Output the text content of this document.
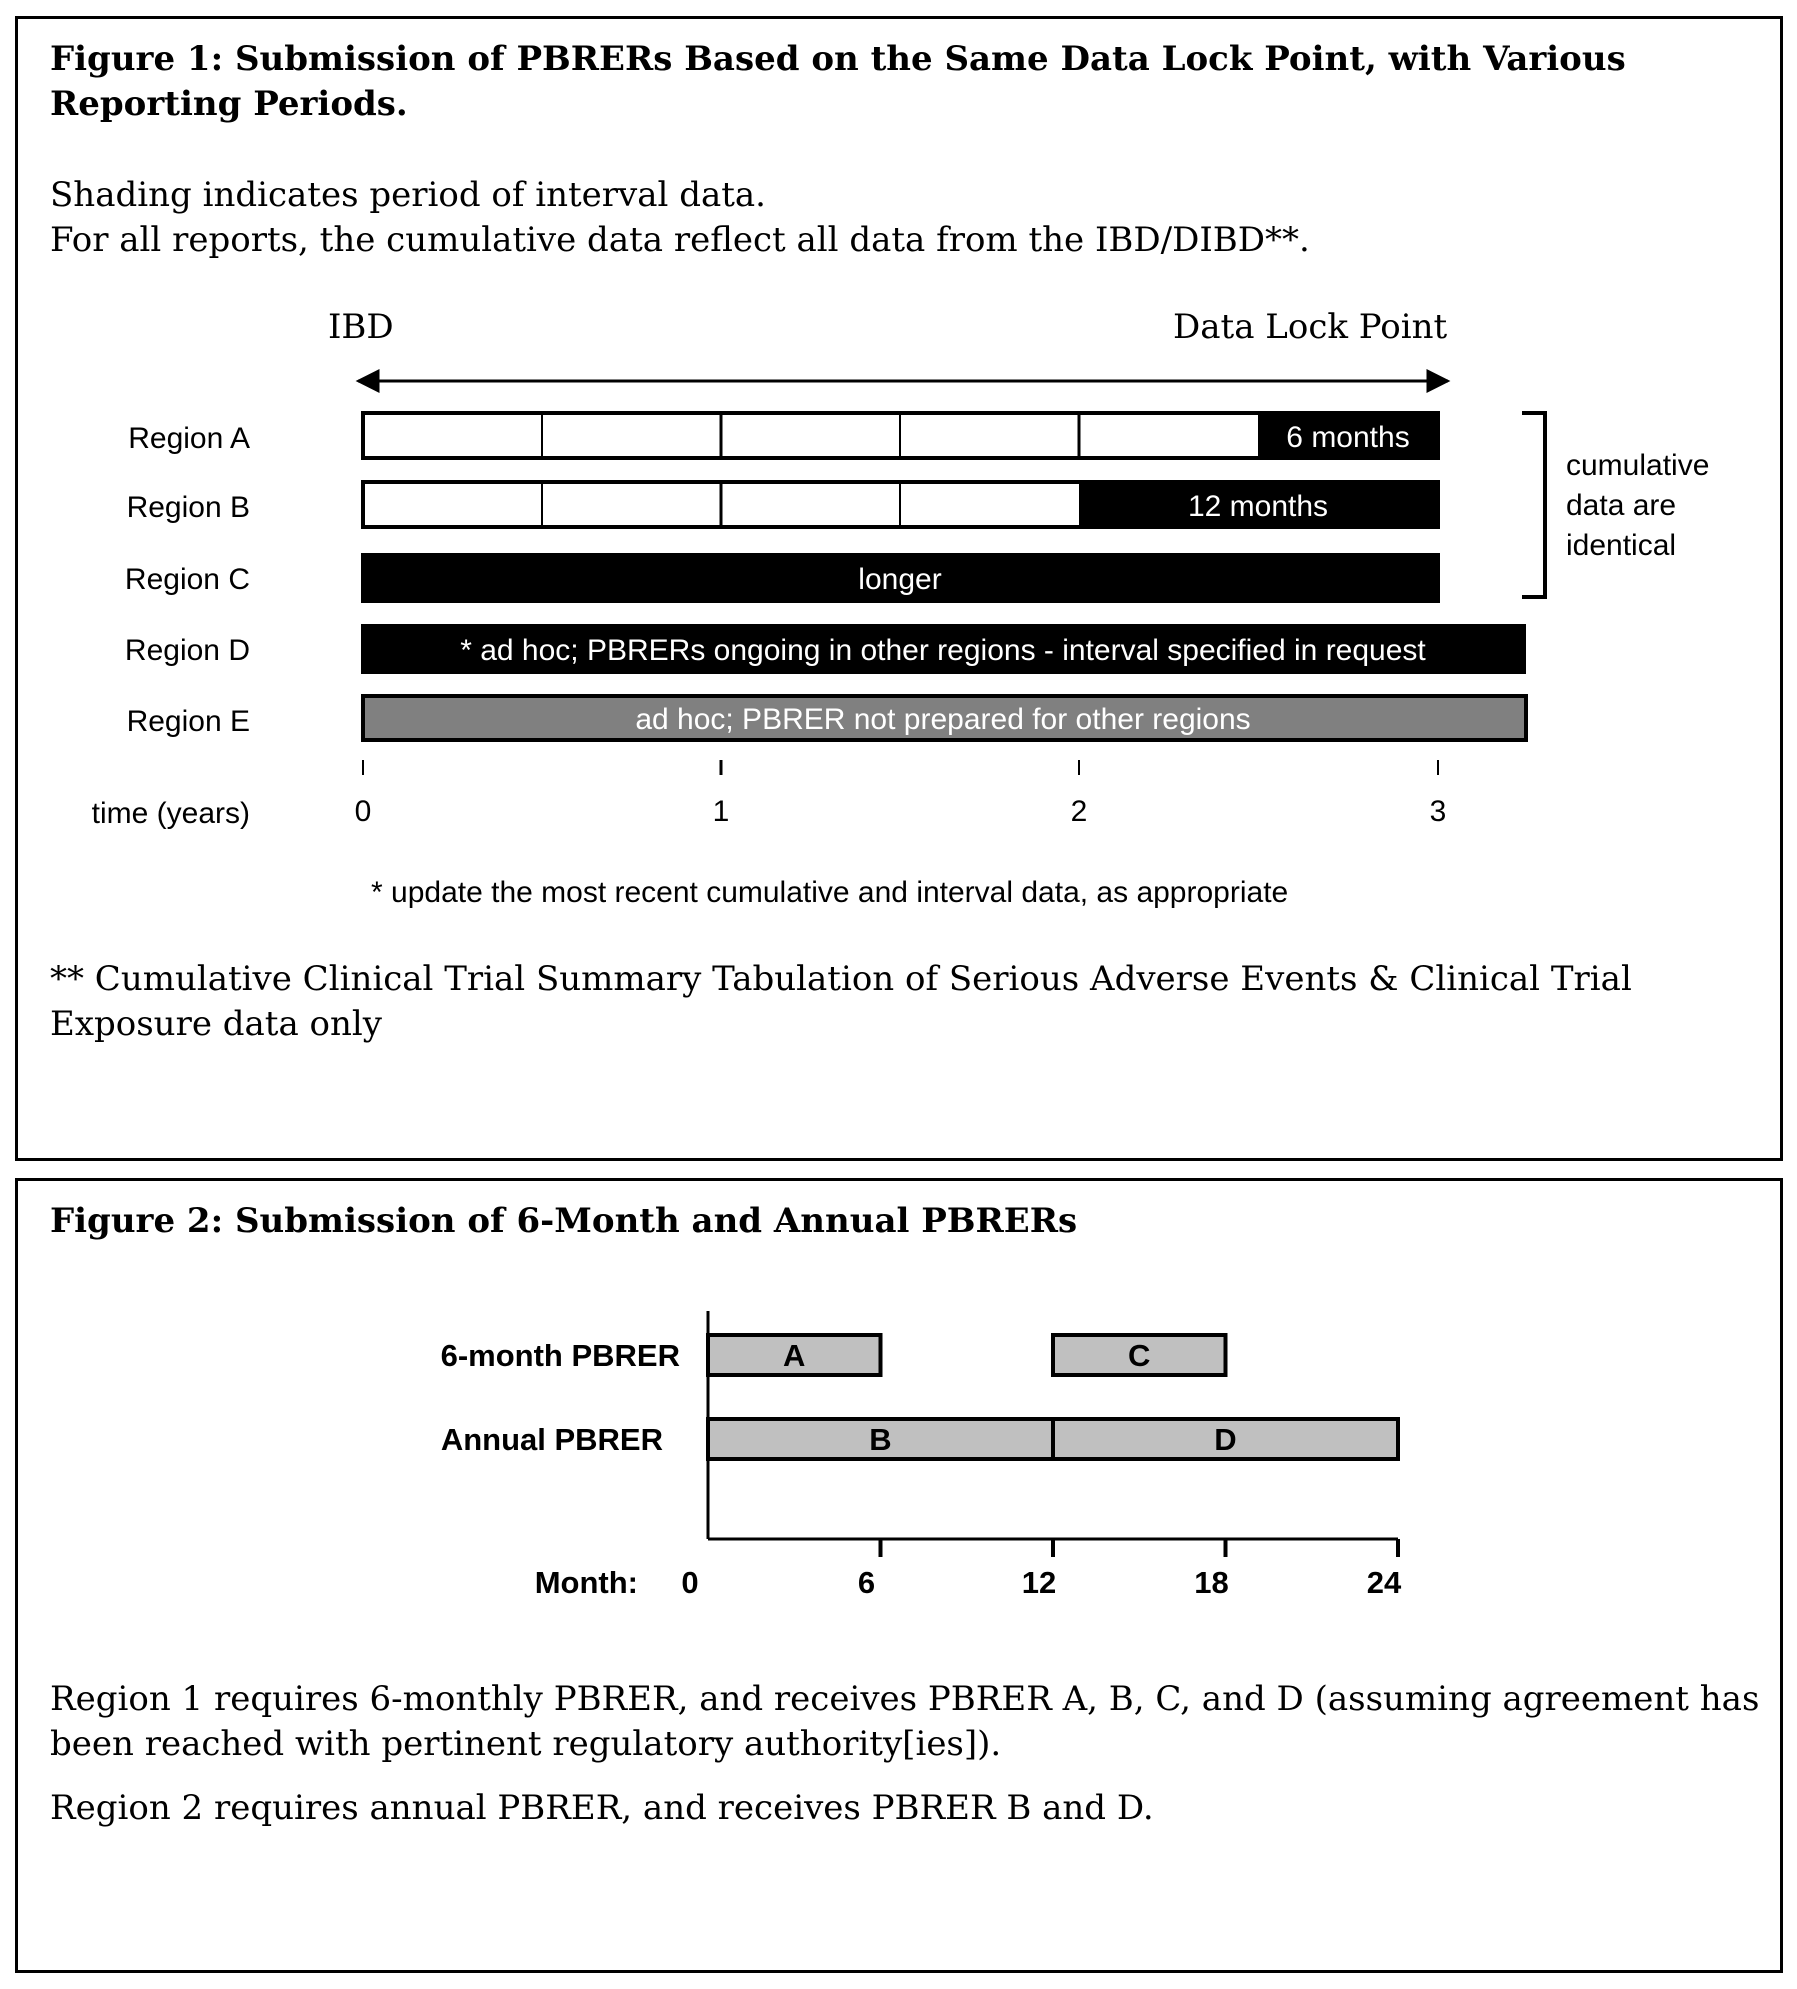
Figure 1: Submission of PBRERs Based on the Same Data Lock Point, with Various Reporting Periods.
Shading indicates period of interval data.
For all reports, the cumulative data reflect all data from the IBD/DIBD**.
IBD	Data Lock Point
6 months
Region A
12 months
Region B
longer
Region C
* ad hoc; PBRERs ongoing in other regions - interval specified in request
Region D
ad hoc; PBRER not prepared for other regions
Region E
cumulative
data are
identical
time (years)	0	1	2	3
* update the most recent cumulative and interval data, as appropriate
** Cumulative Clinical Trial Summary Tabulation of Serious Adverse Events & Clinical Trial Exposure data only
Figure 2: Submission of 6-Month and Annual PBRERs
6-month PBRER
Annual PBRER
A	C
B	D
0	6	12	18	24
Month:
Region 1 requires 6-monthly PBRER, and receives PBRER A, B, C, and D (assuming agreement has been reached with pertinent regulatory authority[ies]).
Region 2 requires annual PBRER, and receives PBRER B and D.
